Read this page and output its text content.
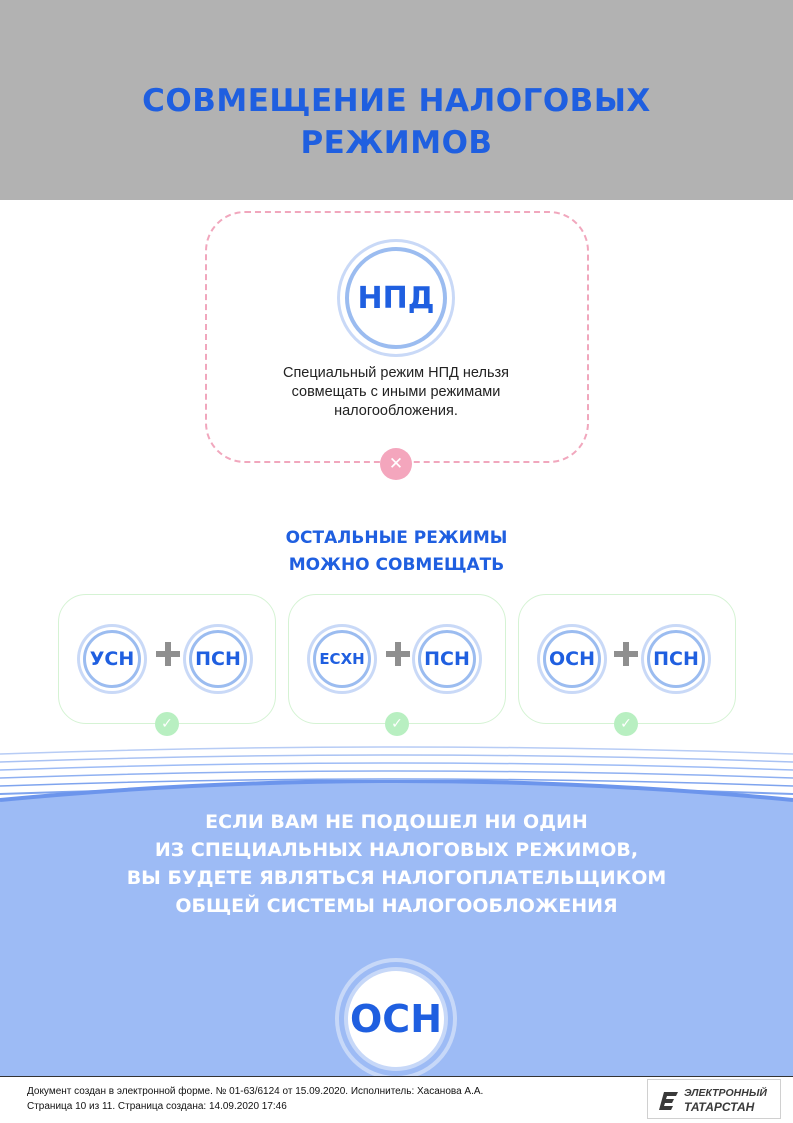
СОВМЕЩЕНИЕ НАЛОГОВЫХ
РЕЖИМОВ
НПД
Специальный режим НПД нельзя
совмещать с иными режимами
налогообложения.
✕
ОСТАЛЬНЫЕ РЕЖИМЫ
МОЖНО СОВМЕЩАТЬ
УСН	ПСН
✓
ЕСХН	ПСН
✓
ОСН	ПСН
✓
ЕСЛИ ВАМ НЕ ПОДОШЕЛ НИ ОДИН
ИЗ СПЕЦИАЛЬНЫХ НАЛОГОВЫХ РЕЖИМОВ,
ВЫ БУДЕТЕ ЯВЛЯТЬСЯ НАЛОГОПЛАТЕЛЬЩИКОМ
ОБЩЕЙ СИСТЕМЫ НАЛОГООБЛОЖЕНИЯ
ОСН
Документ создан в электронной форме. № 01-63/6124 от 15.09.2020. Исполнитель: Хасанова А.А.
Страница 10 из 11. Страница создана: 14.09.2020 17:46
ЭЛЕКТРОННЫЙ
ТАТАРСТАН
